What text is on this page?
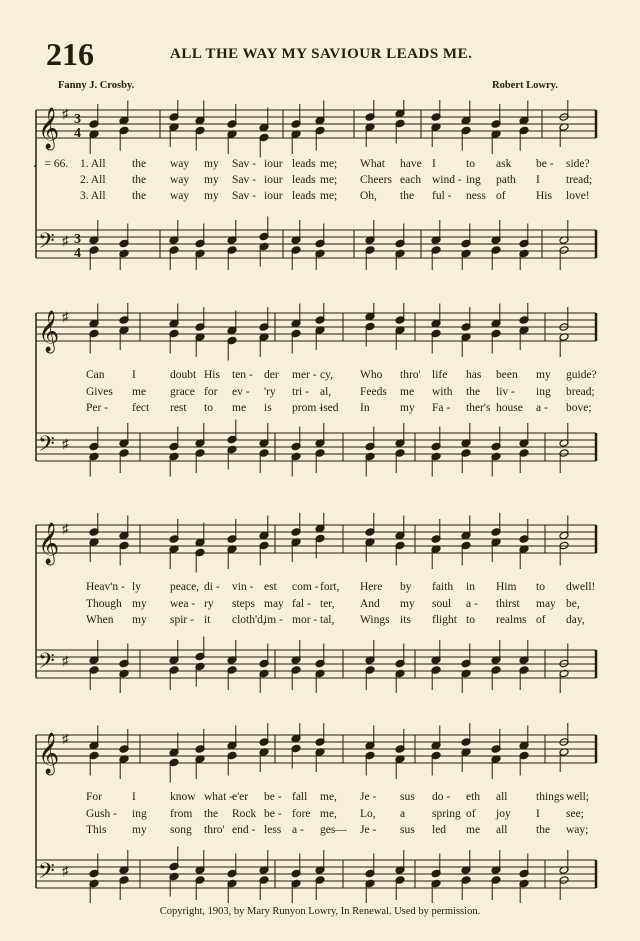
216	ALL THE WAY MY SAVIOUR LEADS ME.
Fanny J. Crosby.	Robert Lowry.
♩= 66.
𝄞
𝄢
♯
♯
3
4
3
4
1. All the way my Sav - iour leads me; What have I	to ask be - side?
2. All the way my Sav - iour leads me; Cheers each wind - ing path I tread;
3. All the way my Sav - iour leads me; Oh, the ful - ness of	His love!
𝄞
𝄢
♯
♯
Can I	doubt His ten - der mer - cy, Who thro' life has been my guide?
Gives me grace for ev - 'ry tri - al,	Feeds me with the liv - ing bread;
Per - fect rest to me is prom -
ised In	my Fa - ther's house a - bove;
𝄞
𝄢
♯
♯
Heav'n - ly	peace, di - vin - est com - fort, Here by faith in Him to dwell!
Though my wea - ry steps may fal - ter, And my soul a - thirst may be,
When my spir - it cloth'd,
im - mor - tal, Wings its flight to realms of day,
𝄞
𝄢
♯
♯
For	I	know what -
e'er be - fall me, Je - sus do - eth all things well;
Gush - ing from the Rock be - fore me, Lo, a spring of joy I see;
This my song thro' end - less a - ges— Je - sus led me all the way;
Copyright, 1903, by Mary Runyon Lowry, In Renewal. Used by permission.
